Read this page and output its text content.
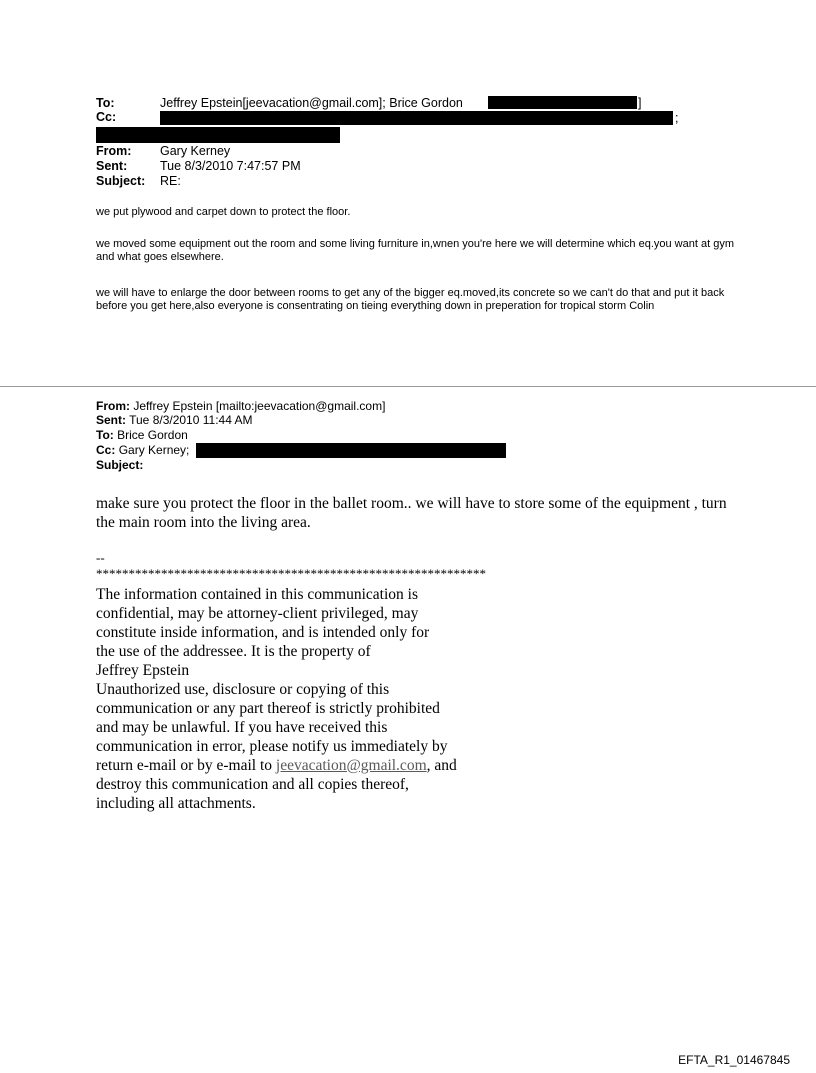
To:	Jeffrey Epstein[jeevacation@gmail.com]; Brice Gordon	]
Cc:	;
From: Gary Kerney
Sent:	Tue 8/3/2010 7:47:57 PM
Subject: RE:
we put plywood and carpet down to protect the floor.
we moved some equipment out the room and some living furniture in,wnen you're here we will determine which eq.you want at gym and what goes elsewhere.
we will have to enlarge the door between rooms to get any of the bigger eq.moved,its concrete so we can't do that and put it back before you get here,also everyone is consentrating on tieing everything down in preperation for tropical storm Colin
From: Jeffrey Epstein [mailto:jeevacation@gmail.com]
Sent: Tue 8/3/2010 11:44 AM
To: Brice Gordon
Cc: Gary Kerney;
Subject:
make sure you protect the floor in the ballet room.. we will have to store some of the equipment , turn the main room into the living area.
--
************************************************************
The information contained in this communication is
confidential, may be attorney-client privileged, may
constitute inside information, and is intended only for
the use of the addressee. It is the property of
Jeffrey Epstein
Unauthorized use, disclosure or copying of this
communication or any part thereof is strictly prohibited
and may be unlawful. If you have received this
communication in error, please notify us immediately by
return e-mail or by e-mail to jeevacation@gmail.com, and
destroy this communication and all copies thereof,
including all attachments.
EFTA_R1_01467845
